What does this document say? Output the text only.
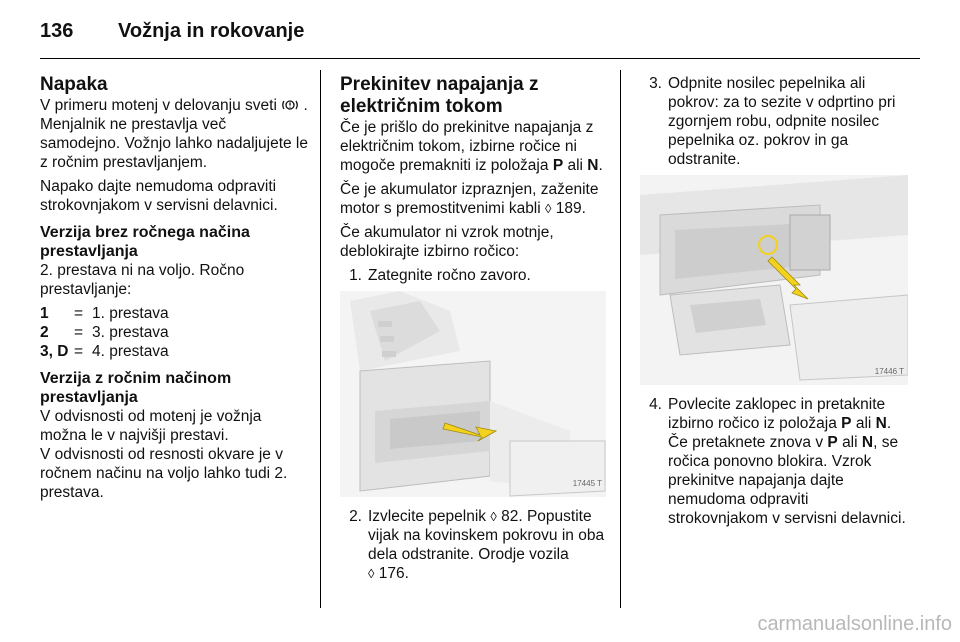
136 Vožnja in rokovanje
Napaka

V primeru motenj v delovanju sveti . Menjalnik ne prestavlja več samodejno. Vožnjo lahko nadaljujete le z ročnim prestavljanjem.

Napako dajte nemudoma odpraviti strokovnjakom v servisni delavnici.

Verzija brez ročnega načina prestavljanja

2. prestava ni na voljo. Ročno prestavljanje:

1	= 1. prestava
2	= 3. prestava
3, D = 4. prestava
Verzija z ročnim načinom prestavljanja

V odvisnosti od motenj je vožnja možna le v najvišji prestavi.

V odvisnosti od resnosti okvare je v ročnem načinu na voljo lahko tudi 2. prestava.

Prekinitev napajanja z električnim tokom

Če je prišlo do prekinitve napajanja z električnim tokom, izbirne ročice ni mogoče premakniti iz položaja P ali N.

Če je akumulator izpraznjen, zaženite motor s premostitvenimi kabli ◊ 189.

Če akumulator ni vzrok motnje, deblokirajte izbirno ročico:

1. Zategnite ročno zavoro.
17445 T
2. Izvlecite pepelnik ◊ 82. Popustite vijak na kovinskem pokrovu in oba dela odstranite. Orodje vozila
◊ 176.
3. Odpnite nosilec pepelnika ali pokrov: za to sezite v odprtino pri zgornjem robu, odpnite nosilec pepelnika oz. pokrov in ga odstranite.
17446 T
4. Povlecite zaklopec in pretaknite izbirno ročico iz položaja P ali N. Če pretaknete znova v P ali N, se ročica ponovno blokira. Vzrok prekinitve napajanja dajte nemudoma odpraviti strokovnjakom v servisni delavnici.
carmanualsonline.info
